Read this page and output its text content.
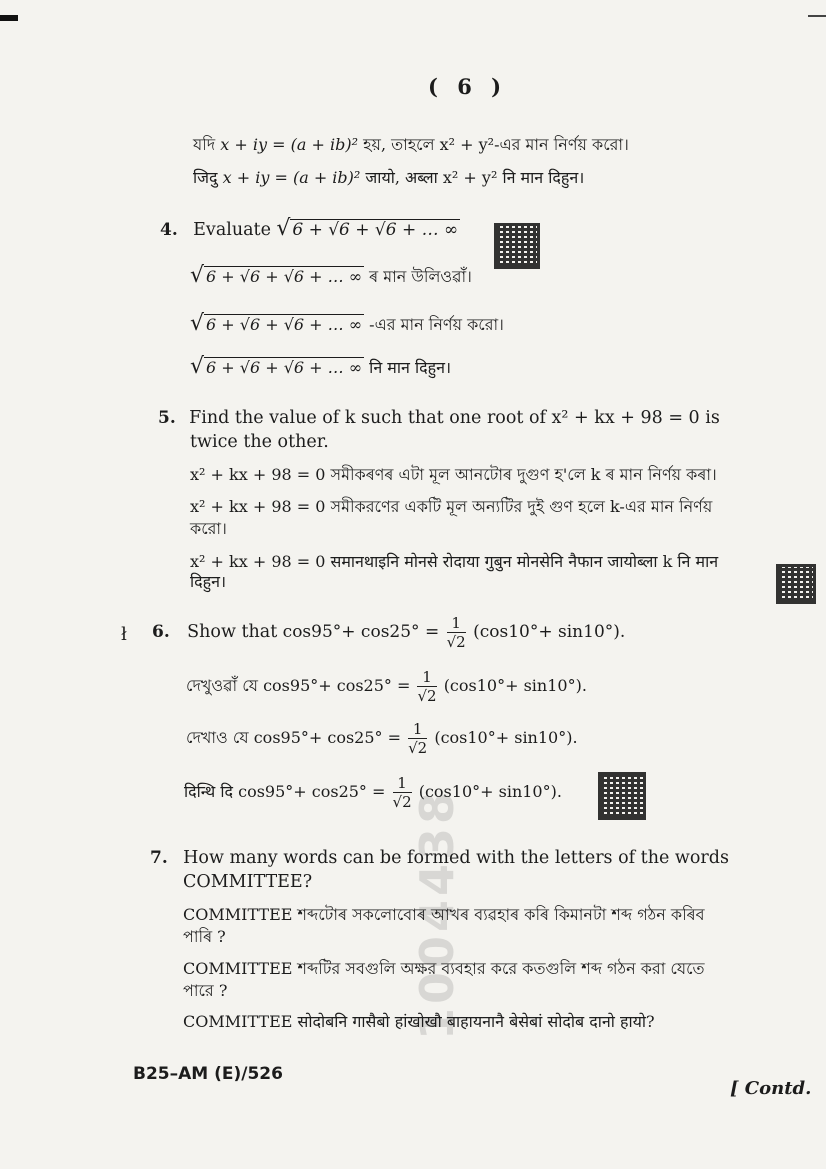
1004438
( 6 )
যদি x + iy = (a + ib)² হয়, তাহলে x² + y²-এর মান নির্ণয় করো।
जिदु x + iy = (a + ib)² जायो, अब्ला x² + y² नि मान दिहुन।
4. Evaluate √ 6 + √6 + √6 + … ∞
√ 6 + √6 + √6 + … ∞ ৰ মান উলিওৱাঁ।
√ 6 + √6 + √6 + … ∞ -এর মান নির্ণয় করো।
√ 6 + √6 + √6 + … ∞ नि मान दिहुन।
5. Find the value of k such that one root of x² + kx + 98 = 0 is
twice the other.
x² + kx + 98 = 0 সমীকৰণৰ এটা মূল আনটোৰ দুগুণ হ'লে k ৰ মান নির্ণয় কৰা।
x² + kx + 98 = 0 সমীকরণের একটি মূল অন্যটির দুই গুণ হলে k-এর মান নির্ণয়
করো।
x² + kx + 98 = 0 समानथाइनि मोनसे रोदाया गुबुन मोनसेनि नैफान जायोब्ला k नि मान
दिहुन।
ł 6. Show that $\cos 95^\circ+ \cos 25^\circ = \frac{1}{√2} (\cos 10^\circ+ \sin 10^\circ)$.
দেখুওৱাঁ যে $\cos 95^\circ+ \cos 25^\circ = \frac{1}{√2} (\cos 10^\circ+ \sin 10^\circ)$.
দেখাও যে $\cos 95^\circ+ \cos 25^\circ = \frac{1}{√2} (\cos 10^\circ+ \sin 10^\circ)$.
दिन्थि दि $\cos 95^\circ+ \cos 25^\circ = \frac{1}{√2} (\cos 10^\circ+ \sin 10^\circ)$.
7. How many words can be formed with the letters of the words
COMMITTEE?
COMMITTEE শব্দটোৰ সকলোবোৰ আখৰ ব্যৱহাৰ কৰি কিমানটা শব্দ গঠন কৰিব
পাৰি ?
COMMITTEE শব্দটির সবগুলি অক্ষর ব্যবহার করে কতগুলি শব্দ গঠন করা যেতে
পারে ?
COMMITTEE सोदोबनि गासैबो हांखोखौ बाहायनानै बेसेबां सोदोब दानो हायो?
B25–AM (E)/526
[ Contd.
